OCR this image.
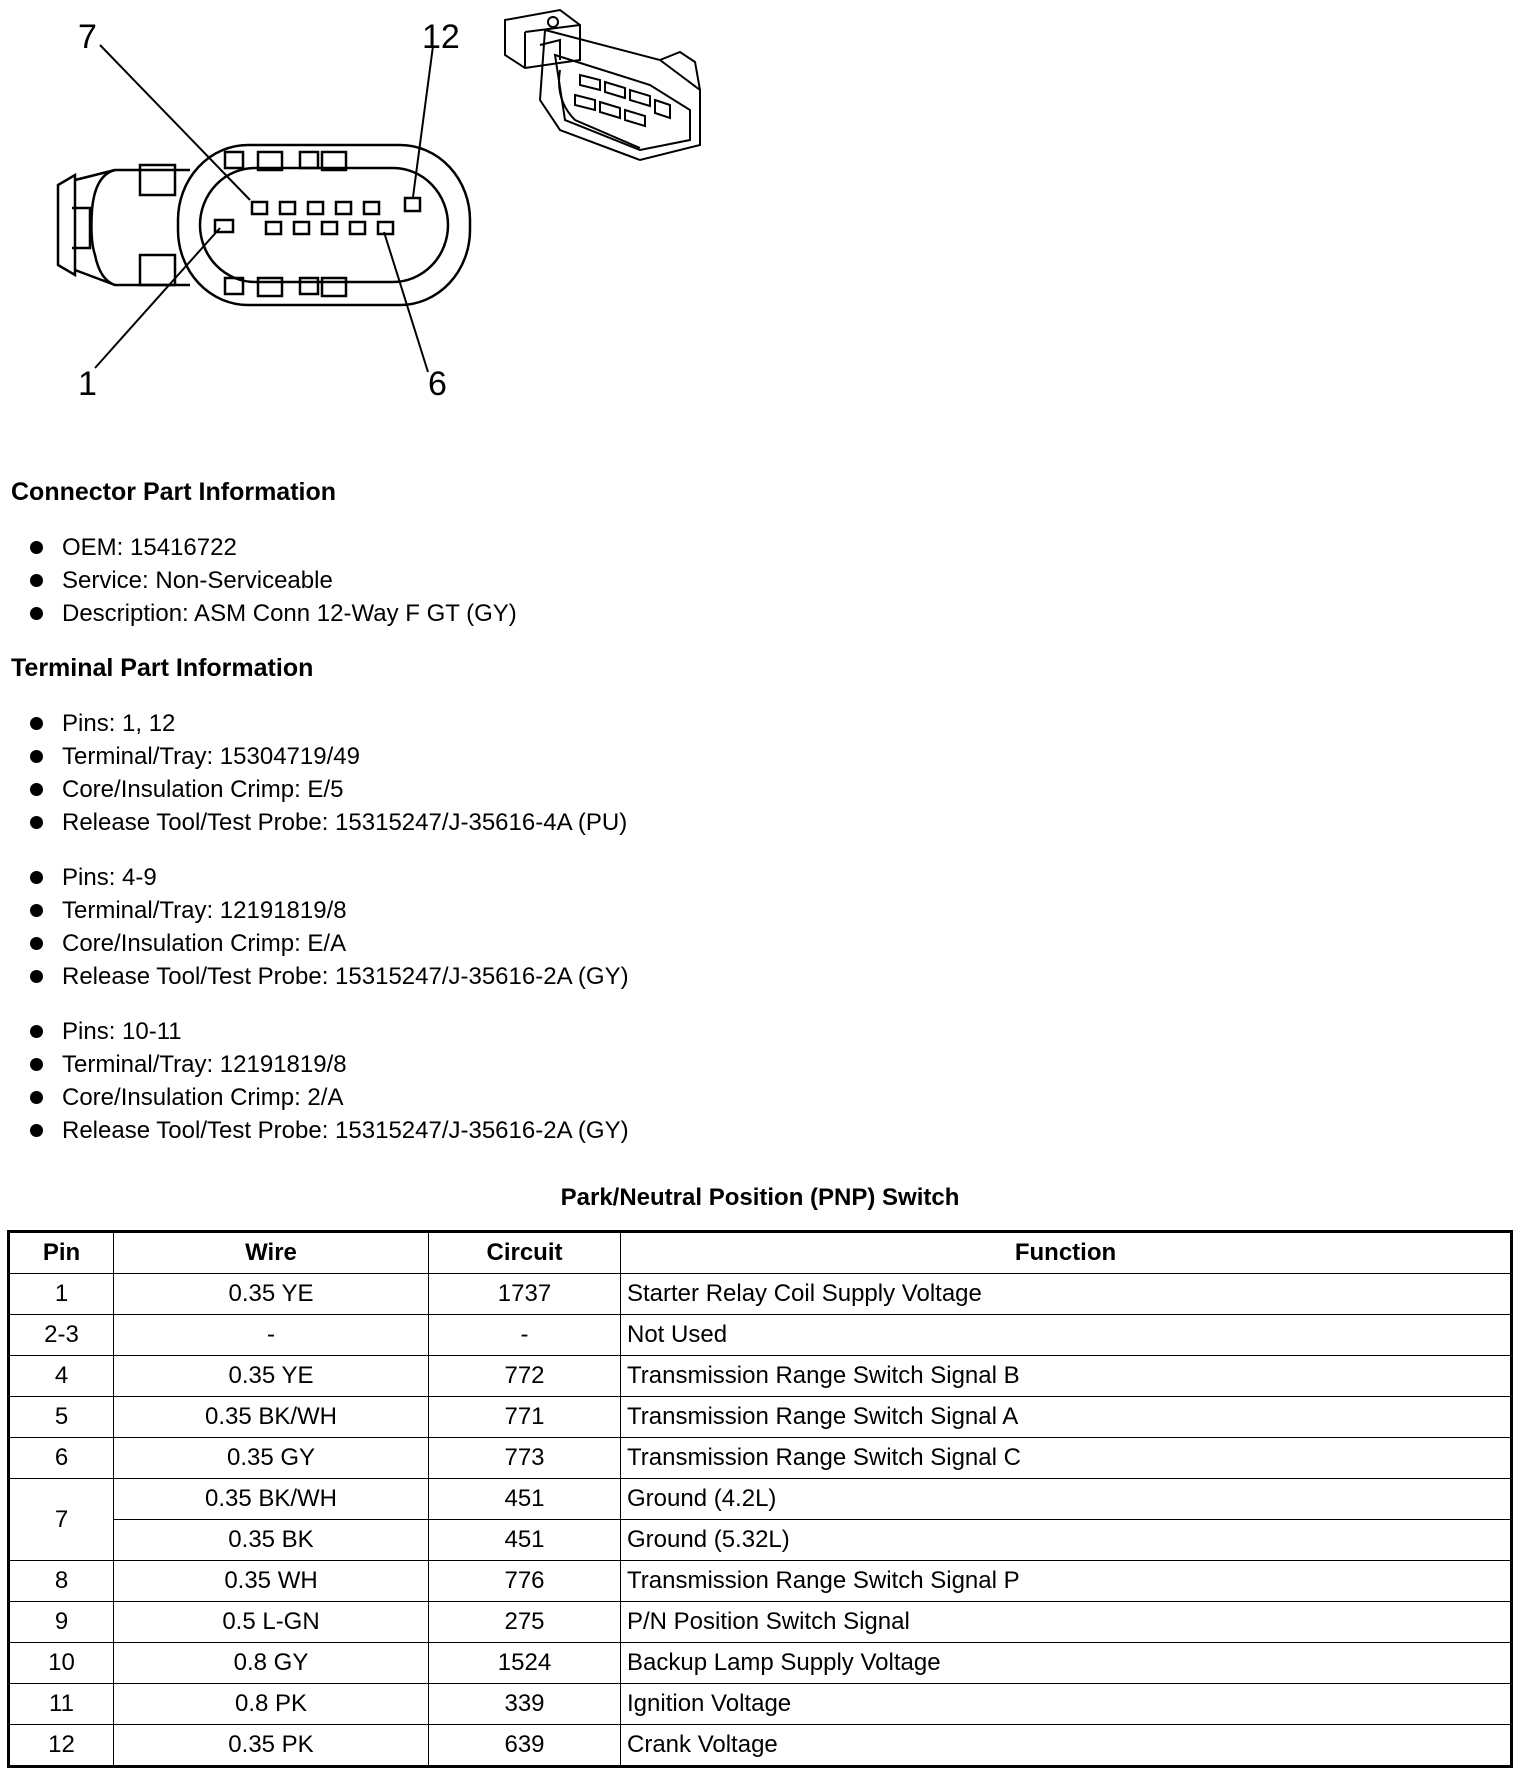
7	12
1	6
Connector Part Information
OEM: 15416722
Service: Non-Serviceable
Description: ASM Conn 12-Way F GT (GY)
Terminal Part Information
Pins: 1, 12
Terminal/Tray: 15304719/49
Core/Insulation Crimp: E/5
Release Tool/Test Probe: 15315247/J-35616-4A (PU)
Pins: 4-9
Terminal/Tray: 12191819/8
Core/Insulation Crimp: E/A
Release Tool/Test Probe: 15315247/J-35616-2A (GY)
Pins: 10-11
Terminal/Tray: 12191819/8
Core/Insulation Crimp: 2/A
Release Tool/Test Probe: 15315247/J-35616-2A (GY)
Park/Neutral Position (PNP) Switch
Pin	Wire	Circuit	Function
1	0.35 YE	1737	Starter Relay Coil Supply Voltage
2-3	-	-	Not Used
4	0.35 YE	772	Transmission Range Switch Signal B
5	0.35 BK/WH	771	Transmission Range Switch Signal A
6	0.35 GY	773	Transmission Range Switch Signal C
7	0.35 BK/WH	451	Ground (4.2L)
	0.35 BK	451	Ground (5.32L)
8	0.35 WH	776	Transmission Range Switch Signal P
9	0.5 L-GN	275	P/N Position Switch Signal
10	0.8 GY	1524	Backup Lamp Supply Voltage
11	0.8 PK	339	Ignition Voltage
12	0.35 PK	639	Crank Voltage
